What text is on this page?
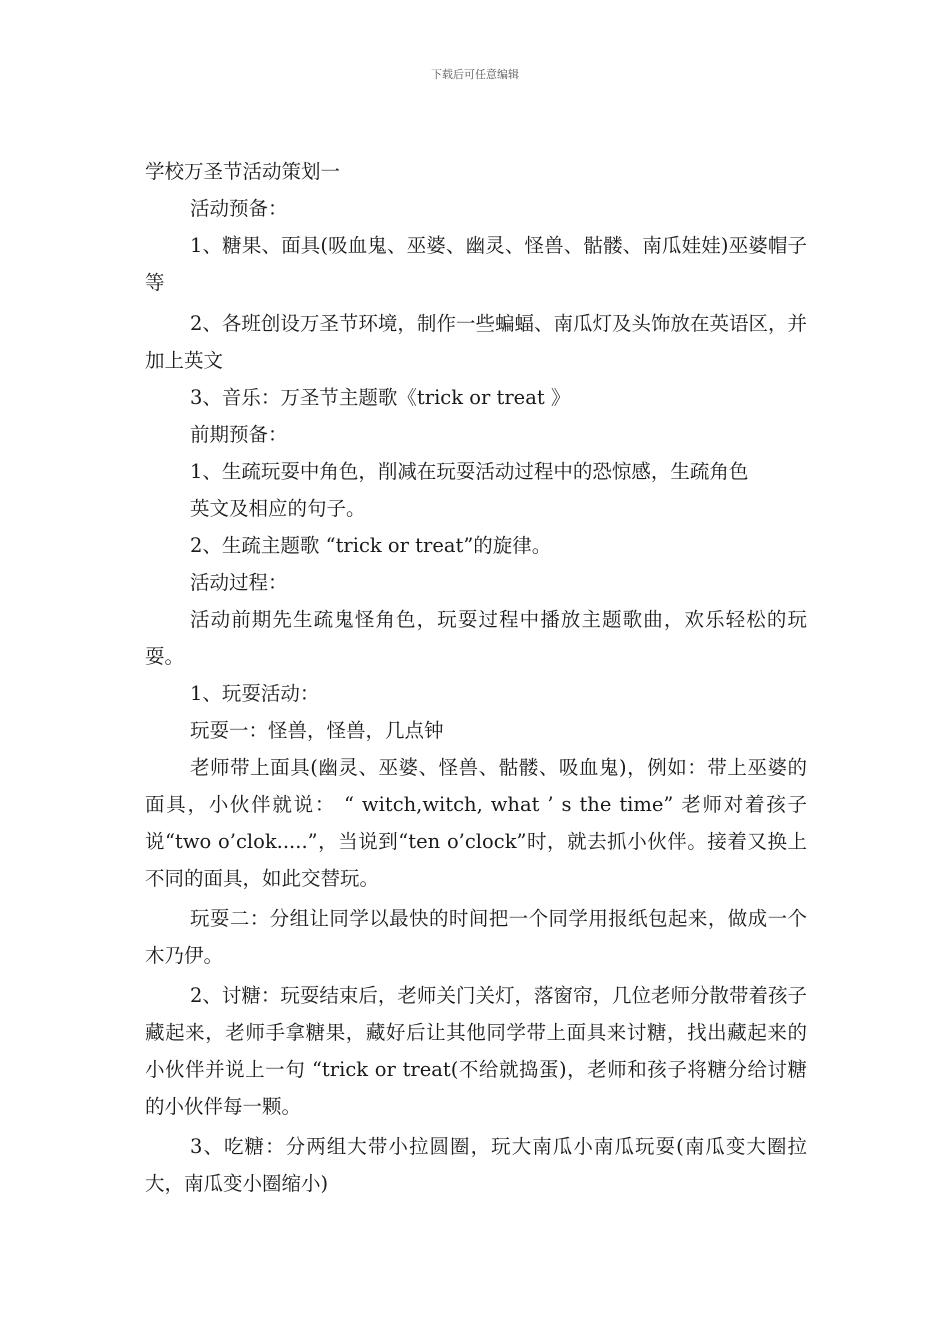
下载后可任意编辑

学校万圣节活动策划一

活动预备：

1、糖果、面具(吸血鬼、巫婆、幽灵、怪兽、骷髅、南瓜娃娃)巫婆帽子等

2、各班创设万圣节环境，制作一些蝙蝠、南瓜灯及头饰放在英语区，并加上英文

3、音乐：万圣节主题歌《trick or treat 》

前期预备：

1、生疏玩耍中角色，削减在玩耍活动过程中的恐惊感，生疏角色

英文及相应的句子。

2、生疏主题歌 “trick or treat”的旋律。

活动过程：

活动前期先生疏鬼怪角色，玩耍过程中播放主题歌曲，欢乐轻松的玩耍。

1、玩耍活动：

玩耍一：怪兽，怪兽，几点钟

老师带上面具(幽灵、巫婆、怪兽、骷髅、吸血鬼)，例如：带上巫婆的面具，小伙伴就说： “ witch,witch, what ’ s the time” 老师对着孩子说“two o’clok.....”，当说到“ten o’clock”时，就去抓小伙伴。接着又换上不同的面具，如此交替玩。

玩耍二：分组让同学以最快的时间把一个同学用报纸包起来，做成一个木乃伊。

2、讨糖：玩耍结束后，老师关门关灯，落窗帘，几位老师分散带着孩子藏起来，老师手拿糖果，藏好后让其他同学带上面具来讨糖，找出藏起来的小伙伴并说上一句 “trick or treat(不给就捣蛋)，老师和孩子将糖分给讨糖的小伙伴每一颗。

3、吃糖：分两组大带小拉圆圈，玩大南瓜小南瓜玩耍(南瓜变大圈拉大，南瓜变小圈缩小)
